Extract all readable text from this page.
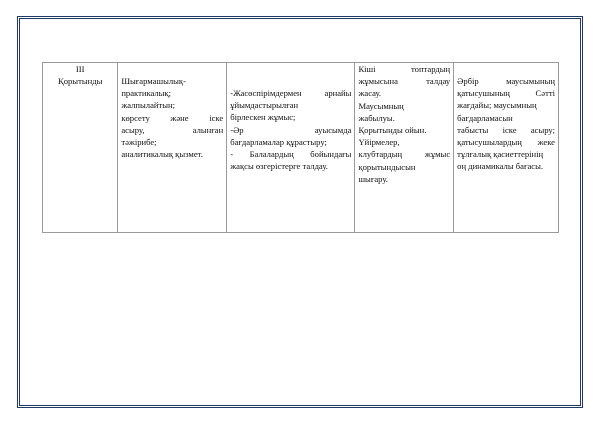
III
Қорытынды	Шығармашылық-
практикалық;
жалпылайтын;
көрсету және іске
асыру, алынған
тәжірибе;
аналитикалық қызмет.

-Жасөспірімдермен арнайы
ұйымдастырылған
бірлескен жұмыс;
-Әр ауысымда
бағдарламалар құрастыру;
- Балалардың бойындағы
жақсы өзгерістерге талдау.

Кіші топтардың
жұмысына талдау
жасау.
Маусымның
жабылуы.
Қорытынды ойын.
Үйірмелер,
клубтардың жұмыс
қорытындысын
шығару.

Әрбір маусымының
қатысушының Сәтті
жағдайы; маусымның
бағдарламасын
табысты іске асыру;
қатысушылардың жеке
тұлғалық қасиеттерінің
оң динамикалы бағасы.
